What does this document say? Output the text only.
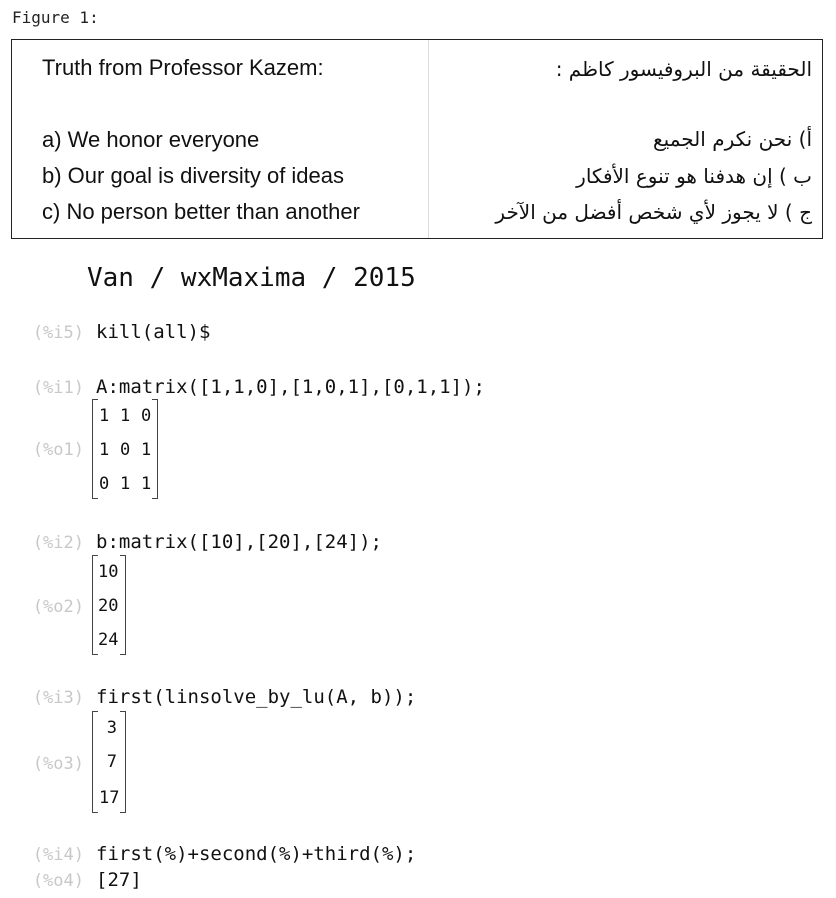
Figure 1:
Truth from Professor Kazem:
a) We honor everyone
b) Our goal is diversity of ideas
c) No person better than another
الحقيقة من البروفيسور كاظم :
أ) نحن نكرم الجميع
ب ) إن هدفنا هو تنوع الأفكار
ج ) لا يجوز لأي شخص أفضل من الآخر
Van / wxMaxima / 2015
(%i5) kill(all)$
(%i1) A:matrix([1,1,0],[1,0,1],[0,1,1]);
(%o1)
1 1 0
1 0 1
0 1 1
(%i2) b:matrix([10],[20],[24]);
(%o2)
10
20
24
(%i3) first(linsolve_by_lu(A, b));
(%o3)
3
7
17
(%i4) first(%)+second(%)+third(%);
(%o4) [27]
